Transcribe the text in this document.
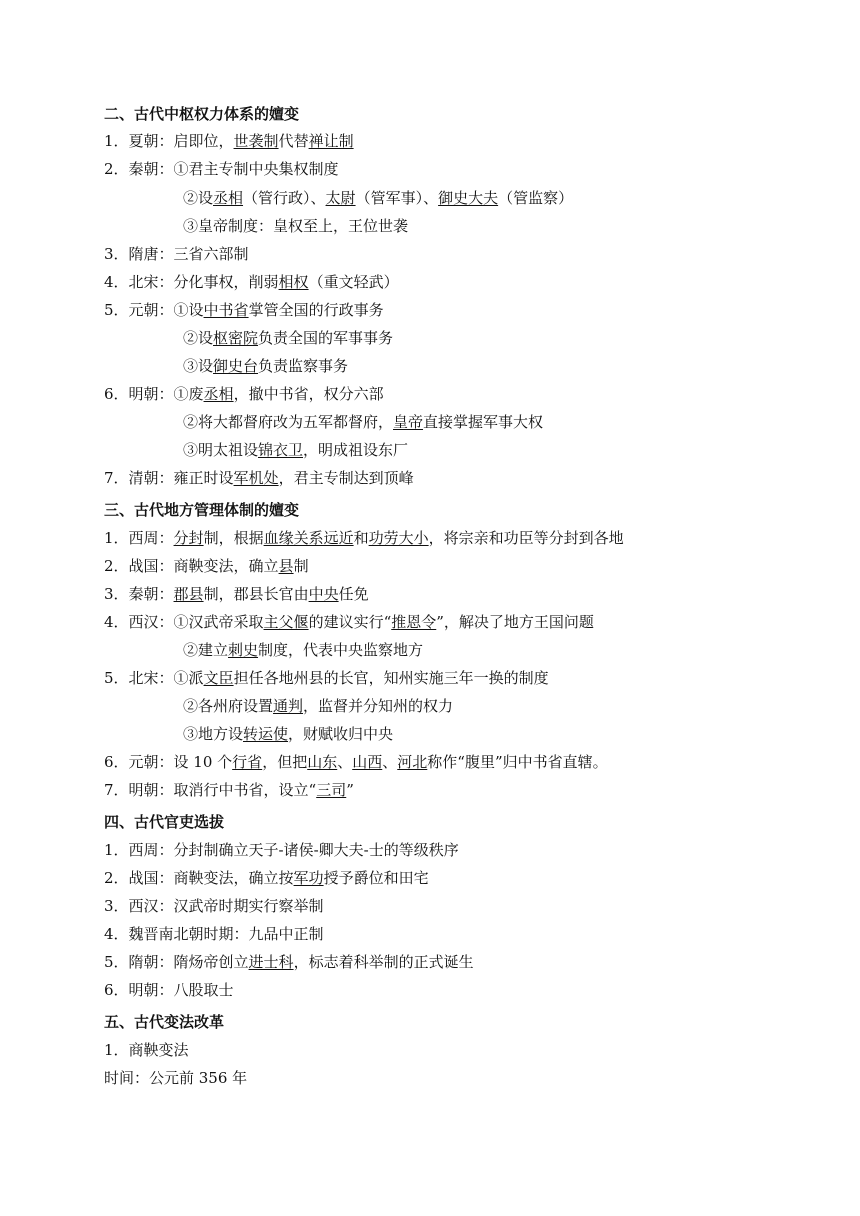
二、古代中枢权力体系的嬗变
1．夏朝：启即位，世袭制代替禅让制
2．秦朝：①君主专制中央集权制度
②设丞相（管行政）、太尉（管军事）、御史大夫（管监察）
③皇帝制度：皇权至上，王位世袭
3．隋唐：三省六部制
4．北宋：分化事权，削弱相权（重文轻武）
5．元朝：①设中书省掌管全国的行政事务
②设枢密院负责全国的军事事务
③设御史台负责监察事务
6．明朝：①废丞相，撤中书省，权分六部
②将大都督府改为五军都督府，皇帝直接掌握军事大权
③明太祖设锦衣卫，明成祖设东厂
7．清朝：雍正时设军机处，君主专制达到顶峰
三、古代地方管理体制的嬗变
1．西周：分封制，根据血缘关系远近和功劳大小，将宗亲和功臣等分封到各地
2．战国：商鞅变法，确立县制
3．秦朝：郡县制，郡县长官由中央任免
4．西汉：①汉武帝采取主父偃的建议实行“推恩令”，解决了地方王国问题
②建立刺史制度，代表中央监察地方
5．北宋：①派文臣担任各地州县的长官，知州实施三年一换的制度
②各州府设置通判，监督并分知州的权力
③地方设转运使，财赋收归中央
6．元朝：设 10 个行省，但把山东、山西、河北称作“腹里”归中书省直辖。
7．明朝：取消行中书省，设立“三司”
四、古代官吏选拔
1．西周：分封制确立天子-诸侯-卿大夫-士的等级秩序
2．战国：商鞅变法，确立按军功授予爵位和田宅
3．西汉：汉武帝时期实行察举制
4．魏晋南北朝时期：九品中正制
5．隋朝：隋炀帝创立进士科，标志着科举制的正式诞生
6．明朝：八股取士
五、古代变法改革
1．商鞅变法
时间：公元前 356 年
